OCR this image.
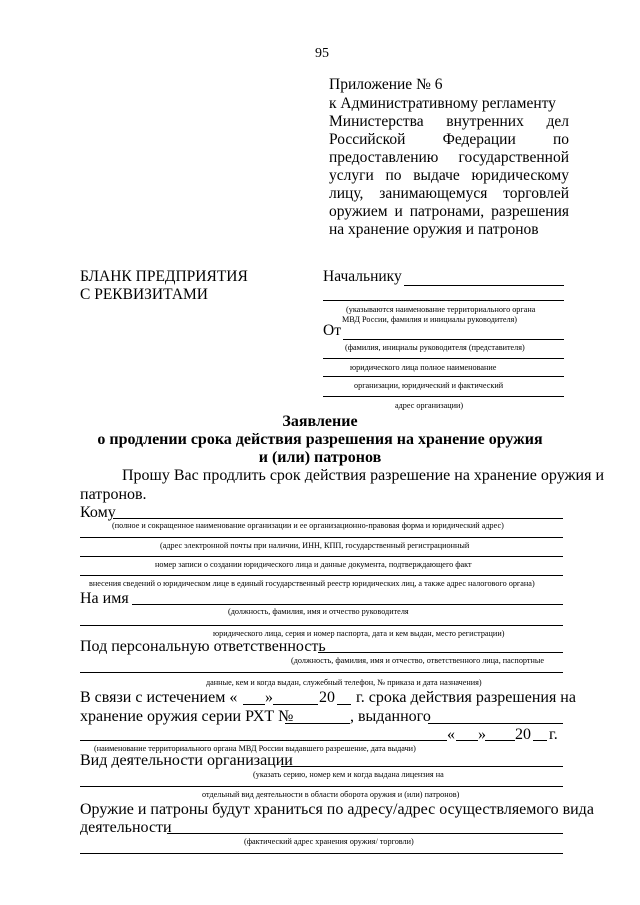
95
Приложение № 6
к Административному регламенту
Министерства внутренних дел
Российской Федерации по
предоставлению государственной
услуги по выдаче юридическому
лицу, занимающемуся торговлей
оружием и патронами, разрешения
на хранение оружия и патронов
БЛАНК ПРЕДПРИЯТИЯ
С РЕКВИЗИТАМИ
Начальнику
(указываются наименование территориального органа
МВД России, фамилия и инициалы руководителя)
От
(фамилия, инициалы руководителя (представителя)
юридического лица полное наименование
организации, юридический и фактический
адрес организации)
Заявление
о продлении срока действия разрешения на хранение оружия
и (или) патронов
Прошу Вас продлить срок действия разрешение на хранение оружия и
патронов.
Кому
(полное и сокращенное наименование организации и ее организационно-правовая форма и юридический адрес)
(адрес электронной почты при наличии, ИНН, КПП, государственный регистрационный
номер записи о создании юридического лица и данные документа, подтверждающего факт
внесения сведений о юридическом лице в единый государственный реестр юридических лиц, а также адрес налогового органа)
На имя
(должность, фамилия, имя и отчество руководителя
юридического лица, серия и номер паспорта, дата и кем выдан, место регистрации)
Под персональную ответственность
(должность, фамилия, имя и отчество, ответственного лица, паспортные
данные, кем и когда выдан, служебный телефон, № приказа и дата назначения)
В связи с истечением « »	20 г. срока действия разрешения на
хранение оружия серии РХТ №	, выданного
« » 20 г.
(наименование территориального органа МВД России выдавшего разрешение, дата выдачи)
Вид деятельности организации
(указать серию, номер кем и когда выдана лицензия на
отдельный вид деятельности в области оборота оружия и (или) патронов)
Оружие и патроны будут храниться по адресу/адрес осуществляемого вида
деятельности
(фактический адрес хранения оружия/ торговли)
